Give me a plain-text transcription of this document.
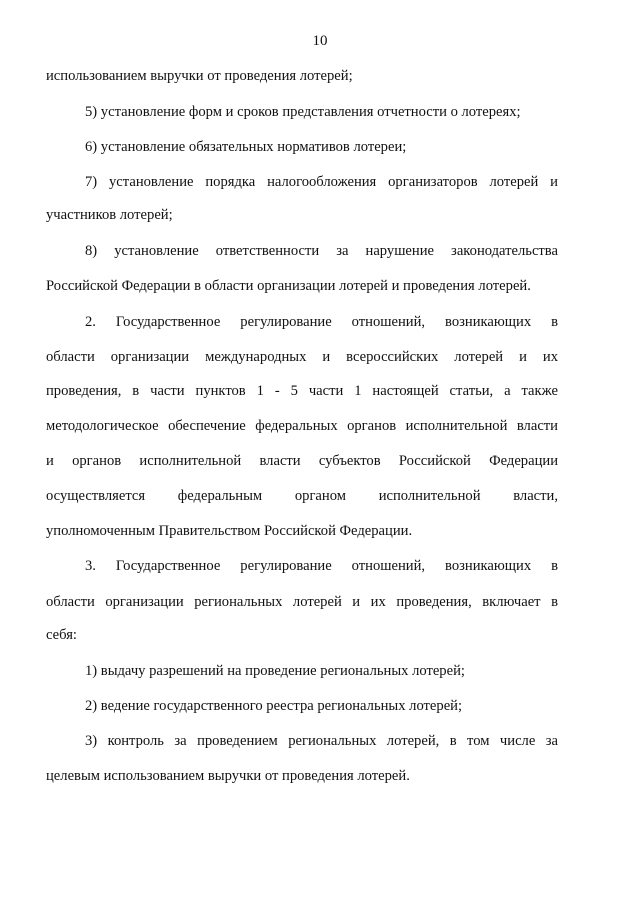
10
использованием выручки от проведения лотерей;
5) установление форм и сроков представления отчетности о лотереях;
6) установление обязательных нормативов лотереи;
7) установление порядка налогообложения организаторов лотерей и
участников лотерей;
8) установление ответственности за нарушение законодательства
Российской Федерации в области организации лотерей и проведения лотерей.
2. Государственное регулирование отношений, возникающих в
области организации международных и всероссийских лотерей и их
проведения, в части пунктов 1 - 5 части 1 настоящей статьи, а также
методологическое обеспечение федеральных органов исполнительной власти
и органов исполнительной власти субъектов Российской Федерации
осуществляется федеральным органом исполнительной власти,
уполномоченным Правительством Российской Федерации.
3. Государственное регулирование отношений, возникающих в
области организации региональных лотерей и их проведения, включает в
себя:
1) выдачу разрешений на проведение региональных лотерей;
2) ведение государственного реестра региональных лотерей;
3) контроль за проведением региональных лотерей, в том числе за
целевым использованием выручки от проведения лотерей.
